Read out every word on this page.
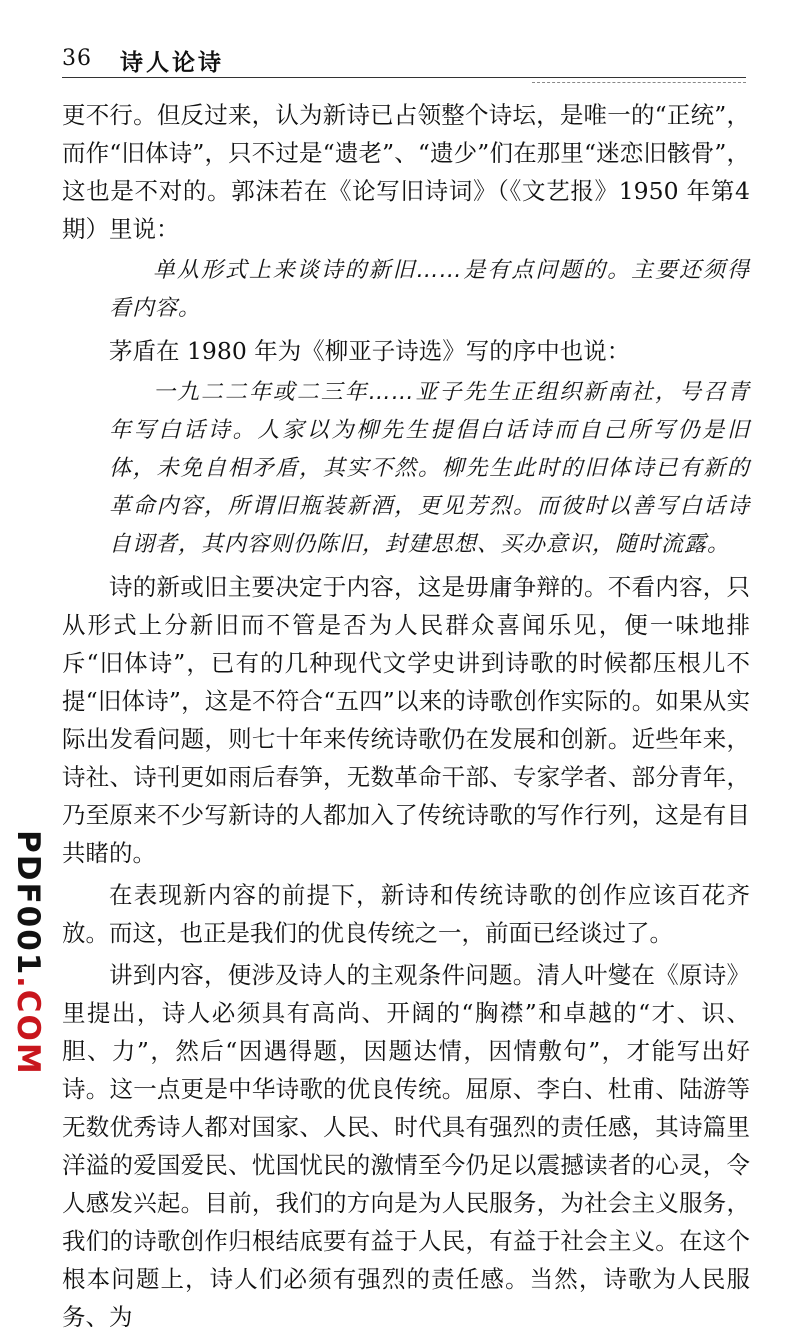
36 诗人论诗

更不行。但反过来，认为新诗已占领整个诗坛，是唯一的“正统”，而作“旧体诗”，只不过是“遗老”、“遗少”们在那里“迷恋旧骸骨”，这也是不对的。郭沫若在《论写旧诗词》（《文艺报》1950 年第4 期）里说：

单从形式上来谈诗的新旧……是有点问题的。主要还须得看内容。

茅盾在 1980 年为《柳亚子诗选》写的序中也说：

一九二二年或二三年……亚子先生正组织新南社，号召青年写白话诗。人家以为柳先生提倡白话诗而自己所写仍是旧体，未免自相矛盾，其实不然。柳先生此时的旧体诗已有新的革命内容，所谓旧瓶装新酒，更见芳烈。而彼时以善写白话诗自诩者，其内容则仍陈旧，封建思想、买办意识，随时流露。

诗的新或旧主要决定于内容，这是毋庸争辩的。不看内容，只从形式上分新旧而不管是否为人民群众喜闻乐见，便一味地排斥“旧体诗”，已有的几种现代文学史讲到诗歌的时候都压根儿不提“旧体诗”，这是不符合“五四”以来的诗歌创作实际的。如果从实际出发看问题，则七十年来传统诗歌仍在发展和创新。近些年来，诗社、诗刊更如雨后春笋，无数革命干部、专家学者、部分青年，乃至原来不少写新诗的人都加入了传统诗歌的写作行列，这是有目共睹的。

在表现新内容的前提下，新诗和传统诗歌的创作应该百花齐放。而这，也正是我们的优良传统之一，前面已经谈过了。

讲到内容，便涉及诗人的主观条件问题。清人叶燮在《原诗》里提出，诗人必须具有高尚、开阔的“胸襟”和卓越的“才、识、胆、力”，然后“因遇得题，因题达情，因情敷句”，才能写出好诗。这一点更是中华诗歌的优良传统。屈原、李白、杜甫、陆游等无数优秀诗人都对国家、人民、时代具有强烈的责任感，其诗篇里洋溢的爱国爱民、忧国忧民的激情至今仍足以震撼读者的心灵，令人感发兴起。目前，我们的方向是为人民服务，为社会主义服务，我们的诗歌创作归根结底要有益于人民，有益于社会主义。在这个根本问题上，诗人们必须有强烈的责任感。当然，诗歌为人民服务、为

PDF001
.COM
